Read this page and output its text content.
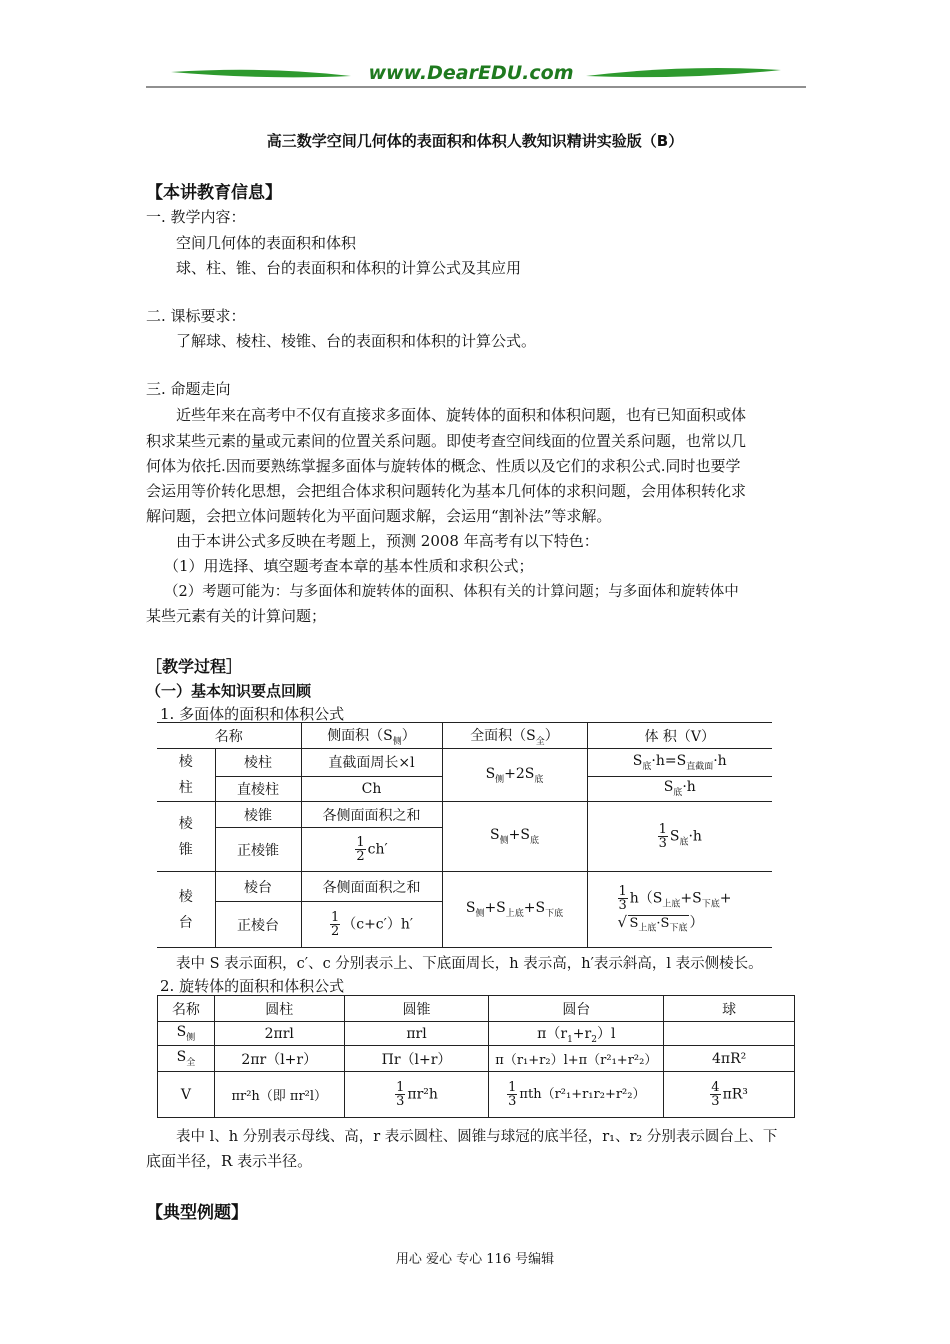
www.DearEDU.com
高三数学空间几何体的表面积和体积人教知识精讲实验版（B）
【本讲教育信息】
一. 教学内容：
空间几何体的表面积和体积
球、柱、锥、台的表面积和体积的计算公式及其应用
二. 课标要求：
了解球、棱柱、棱锥、台的表面积和体积的计算公式。
三. 命题走向
近些年来在高考中不仅有直接求多面体、旋转体的面积和体积问题，也有已知面积或体
积求某些元素的量或元素间的位置关系问题。即使考查空间线面的位置关系问题，也常以几
何体为依托.因而要熟练掌握多面体与旋转体的概念、性质以及它们的求积公式.同时也要学
会运用等价转化思想，会把组合体求积问题转化为基本几何体的求积问题，会用体积转化求
解问题，会把立体问题转化为平面问题求解，会运用“割补法”等求解。
由于本讲公式多反映在考题上，预测 2008 年高考有以下特色：
（1）用选择、填空题考查本章的基本性质和求积公式；
（2）考题可能为：与多面体和旋转体的面积、体积有关的计算问题；与多面体和旋转体中
某些元素有关的计算问题；
［教学过程］
（一）基本知识要点回顾
1. 多面体的面积和体积公式
名称		侧面积$(S_侧)$	全面积$(S_全)$	体 积（V）
棱
柱	棱柱	直截面周长×l	$S_侧+2S_底$	$S_底\cdot h=S_{直截面}\cdot h$
	直棱柱	Ch		$S_底\cdot h$
棱
锥	棱锥	各侧面面积之和	$S_侧+S_底$	$\frac{1}{3} S_底\cdot h$
	正棱锥	$\frac{1}{2} ch'$		
棱
台	棱台	各侧面面积之和	$S_侧+S_{上底}+S_{下底}$	$\frac{1}{3} h(S_{上底}+S_{下底}+$
√ $S_{上底}\cdot S_{下底}$ ）
	正棱台	$\frac{1}{2} (c+c')h'$		
表中 S 表示面积，c′、c 分别表示上、下底面周长，h 表示高，h′表示斜高，l 表示侧棱长。
2. 旋转体的面积和体积公式
名称	圆柱	圆锥	圆台	球
$S_侧$	2πrl	πrl	$\pi(r_1+r_2)l$	
$S_全$	2πr（l+r）	Πr（l+r）	π（r₁+r₂）l+π（r²₁+r²₂）	4πR²
V	πr²h（即 πr²l）	$\frac{1}{3} \pi r^2h$	$\frac{1}{3} \pi th(r^2_1+r_1r_2+r^2_2)$	$\frac{4}{3} \pi R^3$
表中 l、h 分别表示母线、高，r 表示圆柱、圆锥与球冠的底半径，r₁、r₂ 分别表示圆台上、下
底面半径，R 表示半径。
【典型例题】
用心 爱心 专心 116 号编辑
